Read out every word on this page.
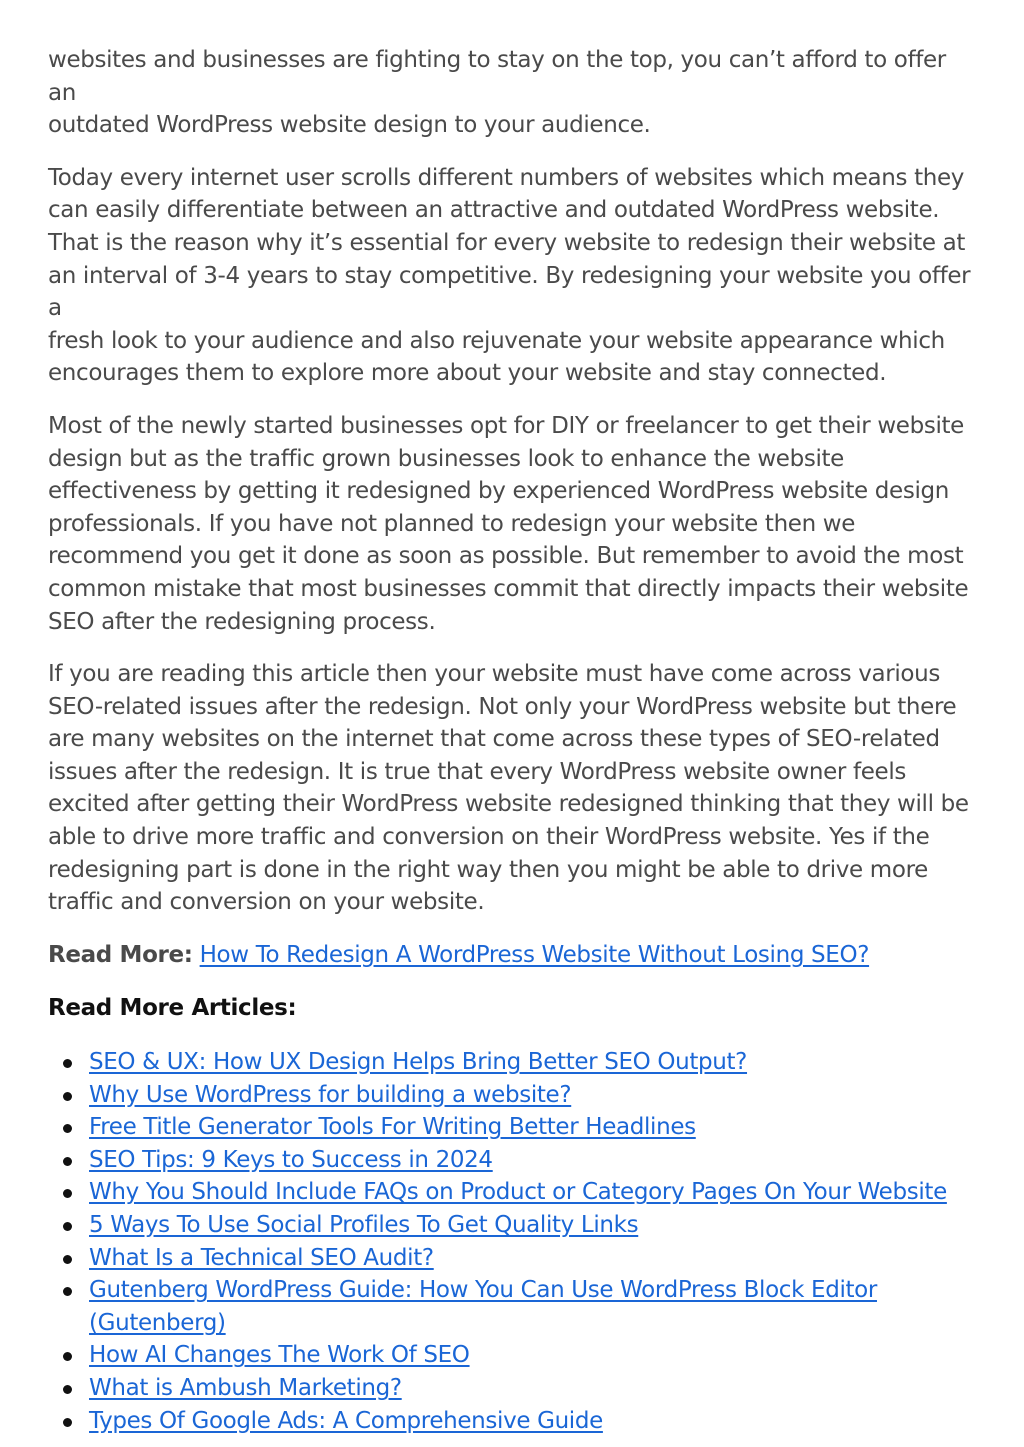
websites and businesses are fighting to stay on the top, you can’t afford to offer an
outdated WordPress website design to your audience.

Today every internet user scrolls different numbers of websites which means they
can easily differentiate between an attractive and outdated WordPress website.
That is the reason why it’s essential for every website to redesign their website at
an interval of 3-4 years to stay competitive. By redesigning your website you offer a
fresh look to your audience and also rejuvenate your website appearance which
encourages them to explore more about your website and stay connected.

Most of the newly started businesses opt for DIY or freelancer to get their website
design but as the traffic grown businesses look to enhance the website
effectiveness by getting it redesigned by experienced WordPress website design
professionals. If you have not planned to redesign your website then we
recommend you get it done as soon as possible. But remember to avoid the most
common mistake that most businesses commit that directly impacts their website
SEO after the redesigning process.

If you are reading this article then your website must have come across various
SEO-related issues after the redesign. Not only your WordPress website but there
are many websites on the internet that come across these types of SEO-related
issues after the redesign. It is true that every WordPress website owner feels
excited after getting their WordPress website redesigned thinking that they will be
able to drive more traffic and conversion on their WordPress website. Yes if the
redesigning part is done in the right way then you might be able to drive more
traffic and conversion on your website.

Read More: How To Redesign A WordPress Website Without Losing SEO?
Read More Articles:
SEO & UX: How UX Design Helps Bring Better SEO Output?
Why Use WordPress for building a website?
Free Title Generator Tools For Writing Better Headlines
SEO Tips: 9 Keys to Success in 2024
Why You Should Include FAQs on Product or Category Pages On Your Website
5 Ways To Use Social Profiles To Get Quality Links
What Is a Technical SEO Audit?
Gutenberg WordPress Guide: How You Can Use WordPress Block Editor (Gutenberg)
How AI Changes The Work Of SEO
What is Ambush Marketing?
Types Of Google Ads: A Comprehensive Guide
